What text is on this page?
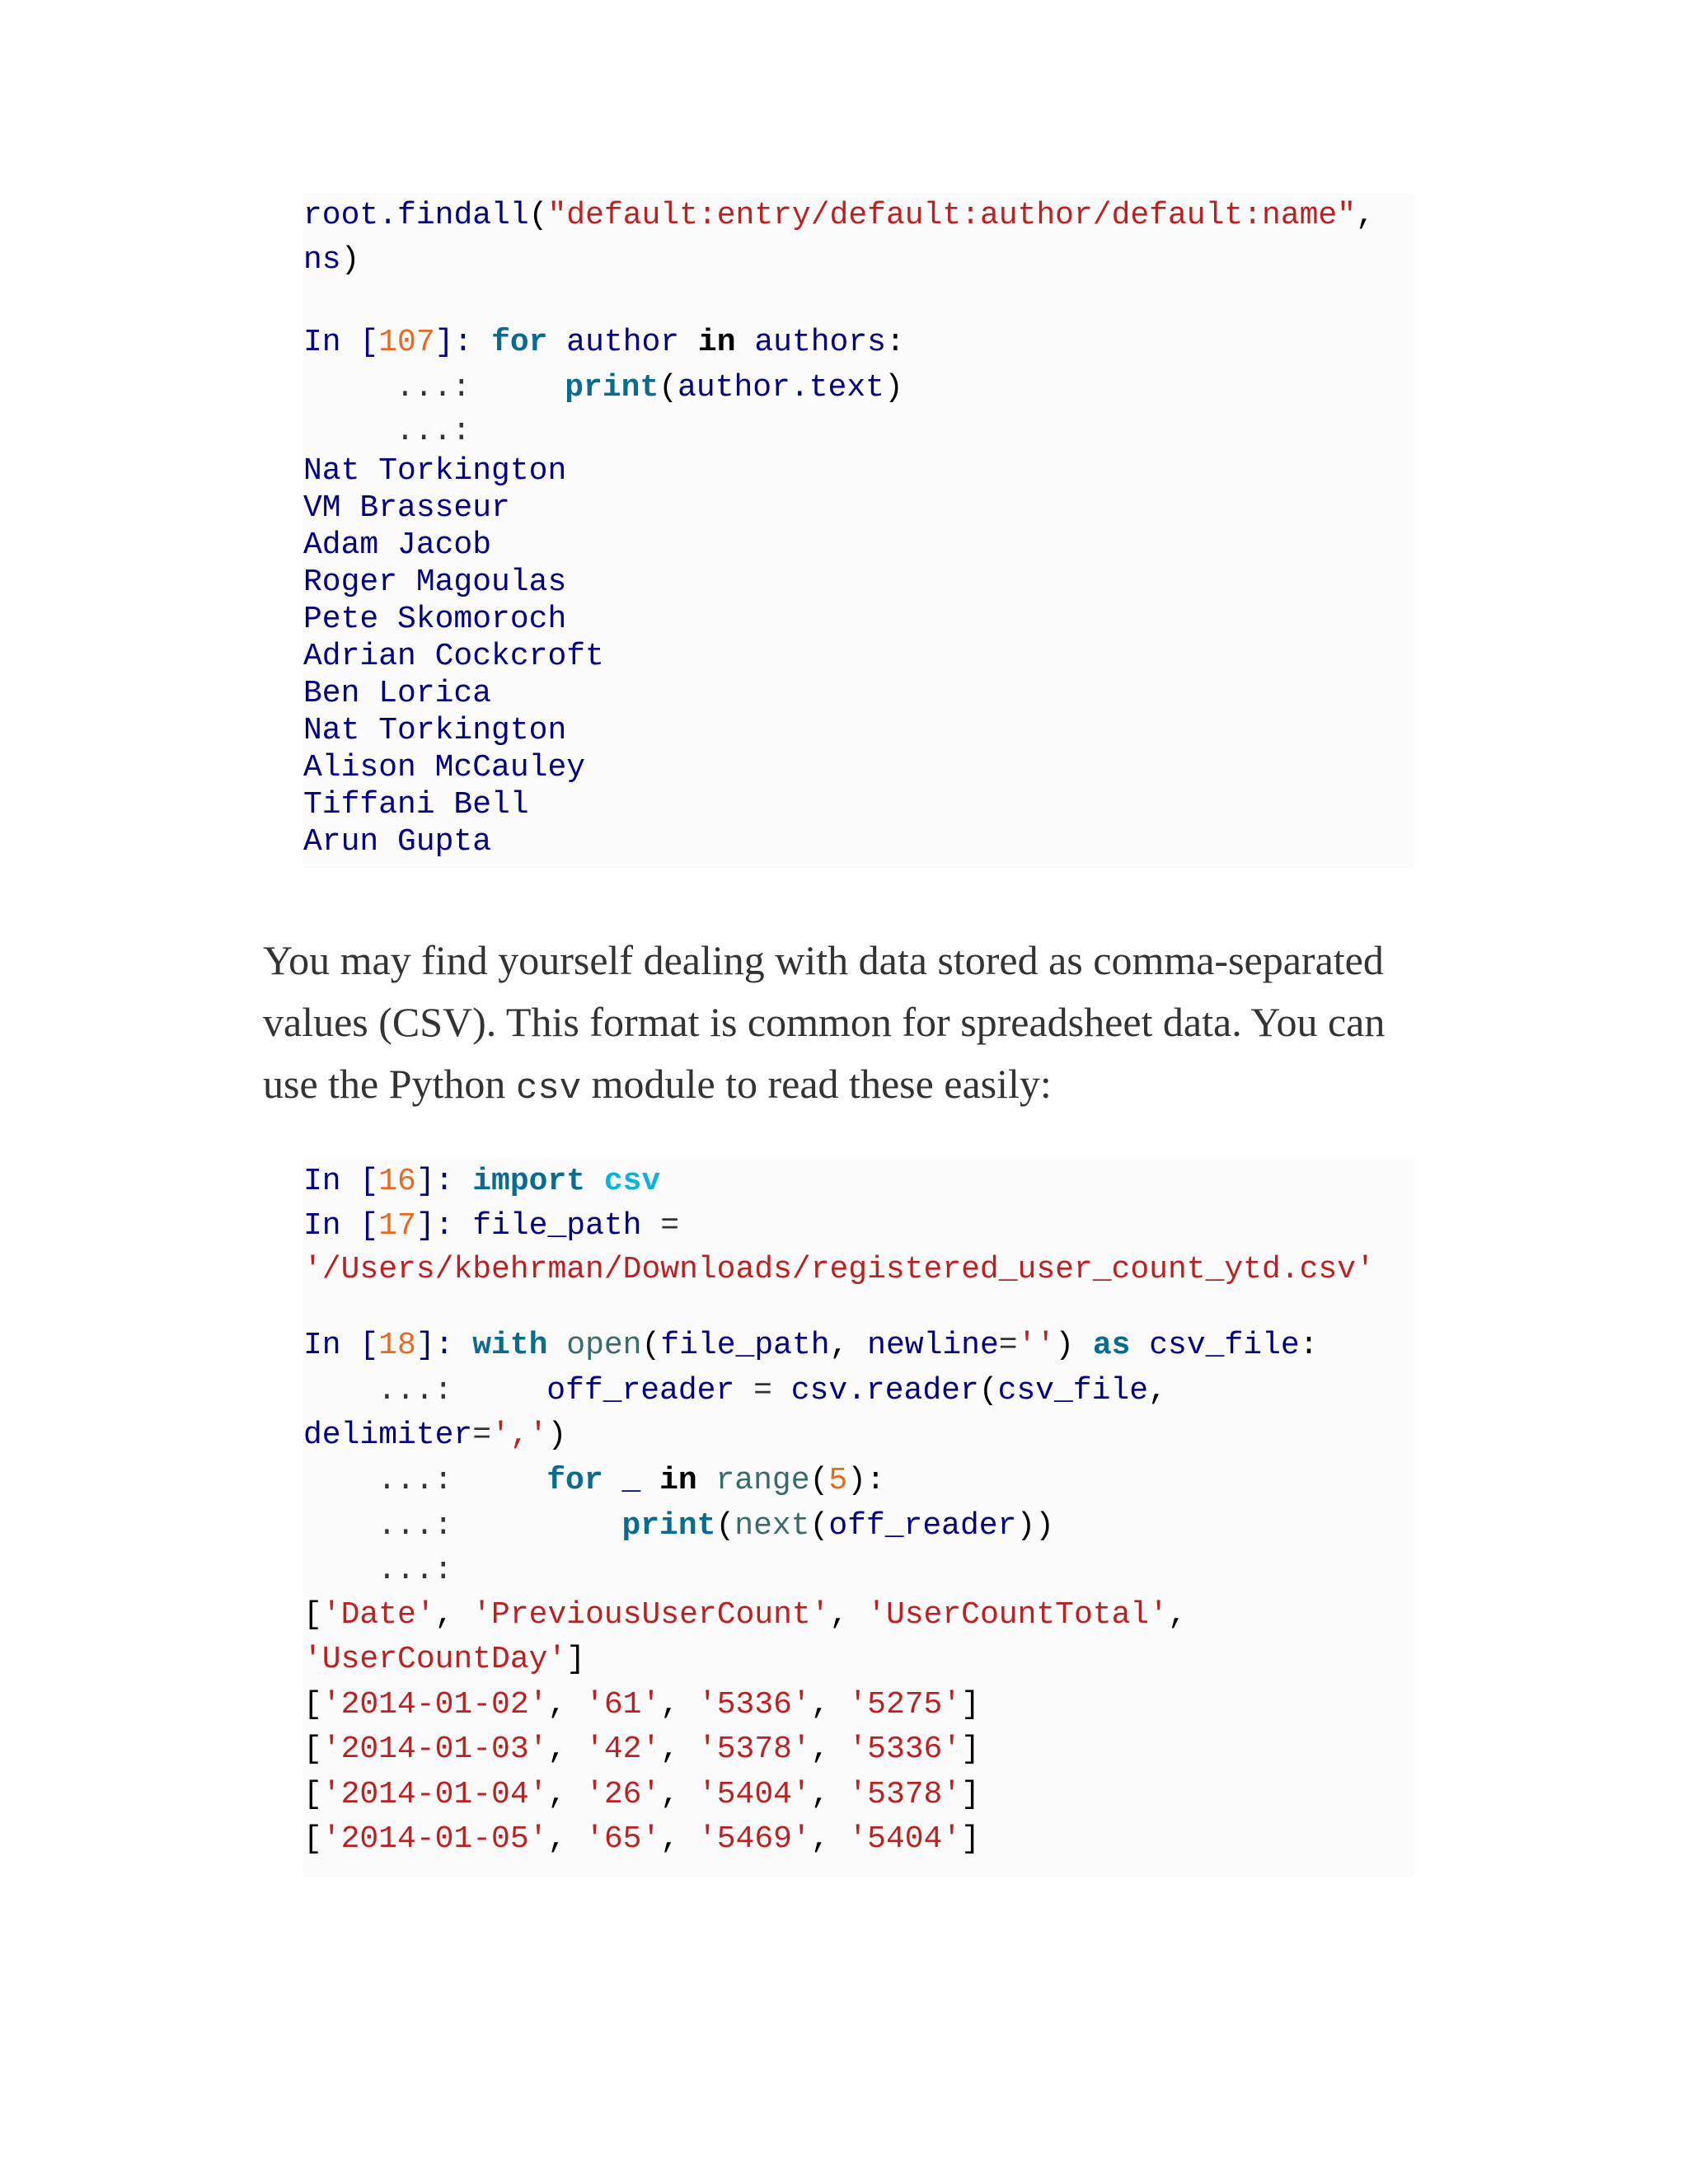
root.findall("default:entry/default:author/default:name",
ns)
In [107]: for author in authors:
...:	print(author.text)
...:
Nat Torkington
VM Brasseur
Adam Jacob
Roger Magoulas
Pete Skomoroch
Adrian Cockcroft
Ben Lorica
Nat Torkington
Alison McCauley
Tiffani Bell
Arun Gupta
You may find yourself dealing with data stored as comma-separated values (CSV). This format is common for spreadsheet data. You can use the Python csv module to read these easily:
In [16]: import csv
In [17]: file_path =
'/Users/kbehrman/Downloads/registered_user_count_ytd.csv'
In [18]: with open(file_path, newline='') as csv_file:
...:	off_reader = csv.reader(csv_file,
delimiter=',')
...:	for _ in range(5):
...:	print(next(off_reader))
...:
['Date', 'PreviousUserCount', 'UserCountTotal',
'UserCountDay']
['2014-01-02', '61', '5336', '5275']
['2014-01-03', '42', '5378', '5336']
['2014-01-04', '26', '5404', '5378']
['2014-01-05', '65', '5469', '5404']
